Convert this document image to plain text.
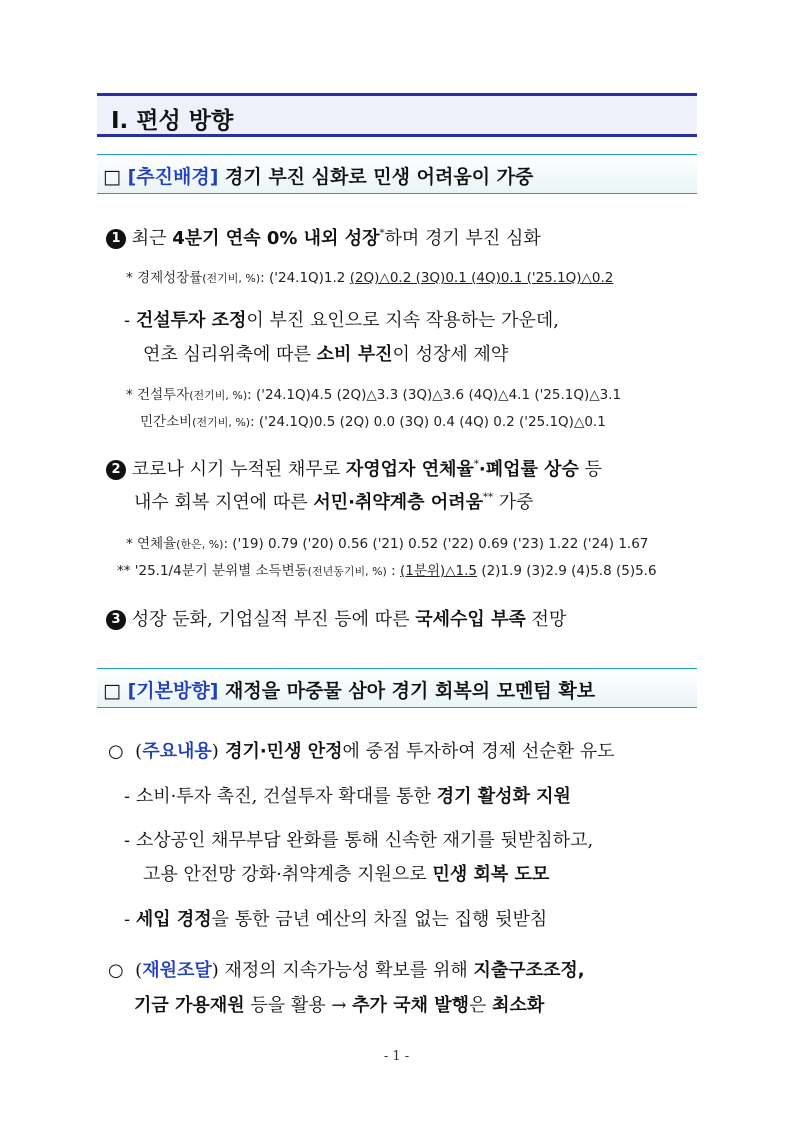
Ⅰ. 편성 방향
□ [추진배경] 경기 부진 심화로 민생 어려움이 가중
1 최근 4분기 연속 0% 내외 성장*하며 경기 부진 심화
* 경제성장률(전기비, %): ('24.1Q)1.2 (2Q)△0.2 (3Q)0.1 (4Q)0.1 ('25.1Q)△0.2
- 건설투자 조정이 부진 요인으로 지속 작용하는 가운데,
연초 심리위축에 따른 소비 부진이 성장세 제약
* 건설투자(전기비, %): ('24.1Q)4.5 (2Q)△3.3 (3Q)△3.6 (4Q)△4.1 ('25.1Q)△3.1
민간소비(전기비, %): ('24.1Q)0.5 (2Q) 0.0 (3Q) 0.4 (4Q) 0.2 ('25.1Q)△0.1
2 코로나 시기 누적된 채무로 자영업자 연체율*·폐업률 상승 등
내수 회복 지연에 따른 서민·취약계층 어려움** 가중
* 연체율(한은, %): ('19) 0.79 ('20) 0.56 ('21) 0.52 ('22) 0.69 ('23) 1.22 ('24) 1.67
** '25.1/4분기 분위별 소득변동(전년동기비, %) : (1분위)△1.5 (2)1.9 (3)2.9 (4)5.8 (5)5.6
3 성장 둔화, 기업실적 부진 등에 따른 국세수입 부족 전망
□ [기본방향] 재정을 마중물 삼아 경기 회복의 모멘텀 확보
○ (주요내용) 경기·민생 안정에 중점 투자하여 경제 선순환 유도
- 소비·투자 촉진, 건설투자 확대를 통한 경기 활성화 지원
- 소상공인 채무부담 완화를 통해 신속한 재기를 뒷받침하고,
고용 안전망 강화·취약계층 지원으로 민생 회복 도모
- 세입 경정을 통한 금년 예산의 차질 없는 집행 뒷받침
○ (재원조달) 재정의 지속가능성 확보를 위해 지출구조조정,
기금 가용재원 등을 활용 → 추가 국채 발행은 최소화
- 1 -
